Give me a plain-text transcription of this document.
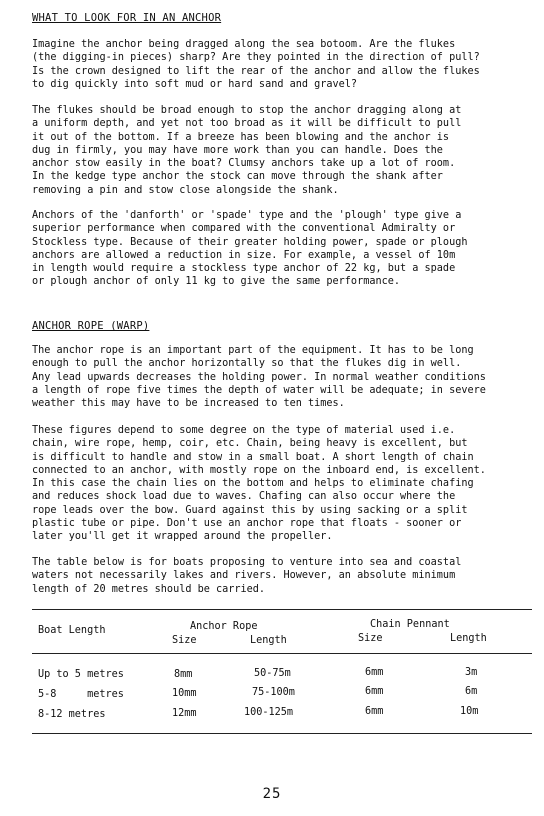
WHAT TO LOOK FOR IN AN ANCHOR

Imagine the anchor being dragged along the sea botoom. Are the flukes
(the digging-in pieces) sharp? Are they pointed in the direction of pull?
Is the crown designed to lift the rear of the anchor and allow the flukes
to dig quickly into soft mud or hard sand and gravel?

The flukes should be broad enough to stop the anchor dragging along at
a uniform depth, and yet not too broad as it will be difficult to pull
it out of the bottom. If a breeze has been blowing and the anchor is
dug in firmly, you may have more work than you can handle. Does the
anchor stow easily in the boat? Clumsy anchors take up a lot of room.
In the kedge type anchor the stock can move through the shank after
removing a pin and stow close alongside the shank.

Anchors of the 'danforth' or 'spade' type and the 'plough' type give a
superior performance when compared with the conventional Admiralty or
Stockless type. Because of their greater holding power, spade or plough
anchors are allowed a reduction in size. For example, a vessel of 10m
in length would require a stockless type anchor of 22 kg, but a spade
or plough anchor of only 11 kg to give the same performance.

ANCHOR ROPE (WARP)

The anchor rope is an important part of the equipment. It has to be long
enough to pull the anchor horizontally so that the flukes dig in well.
Any lead upwards decreases the holding power. In normal weather conditions
a length of rope five times the depth of water will be adequate; in severe
weather this may have to be increased to ten times.

These figures depend to some degree on the type of material used i.e.
chain, wire rope, hemp, coir, etc. Chain, being heavy is excellent, but
is difficult to handle and stow in a small boat. A short length of chain
connected to an anchor, with mostly rope on the inboard end, is excellent.
In this case the chain lies on the bottom and helps to eliminate chafing
and reduces shock load due to waves. Chafing can also occur where the
rope leads over the bow. Guard against this by using sacking or a split
plastic tube or pipe. Don't use an anchor rope that floats - sooner or
later you'll get it wrapped around the propeller.

The table below is for boats proposing to venture into sea and coastal
waters not necessarily lakes and rivers. However, an absolute minimum
length of 20 metres should be carried.

Boat Length	Anchor Rope	Chain Pennant
Size	Length	Size	Length
Up to 5 metres	8mm	50-75m	6mm	3m
5-8     metres	10mm	75-100m	6mm	6m
8-12 metres	12mm	100-125m	6mm	10m
25
